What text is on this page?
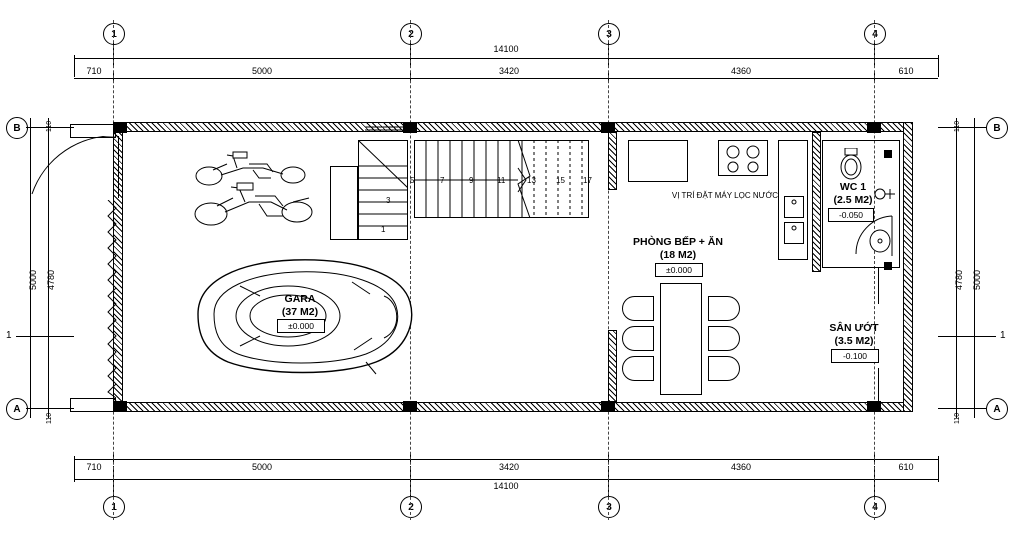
1	2	3	4
1	2	3	4
B
A
B
A
1	1
14100
710	5000	3420	4360	610
710	5000	3420	4360	610
14100
5000 4780
110
110
4780 5000
110
110
GARA
(37 M2)
±0.000
1
3
5	7	9	11	13	15 17
PHÒNG BẾP + ĂN
(18 M2)
±0.000
VỊ TRÍ ĐẶT MÁY LỌC NƯỚC
WC 1
(2.5 M2)
-0.050
SÂN ƯỚT
(3.5 M2)
-0.100
